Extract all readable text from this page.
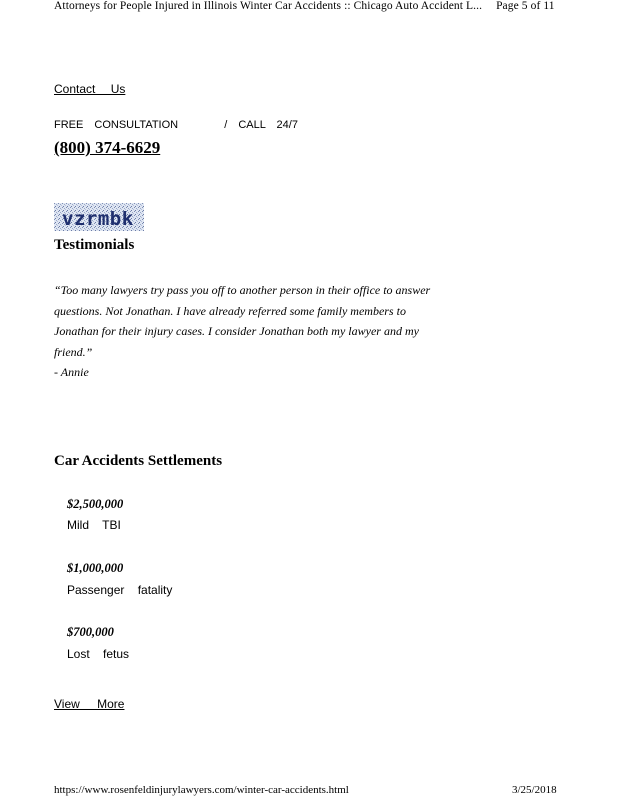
Attorneys for People Injured in Illinois Winter Car Accidents :: Chicago Auto Accident L... Page 5 of 11
Contact Us
FREE CONSULTATION	/ CALL 24/7
(800) 374-6629
vzrmbk
Testimonials

“Too many lawyers try pass you off to another person in their office to answer

questions. Not Jonathan. I have already referred some family members to

Jonathan for their injury cases. I consider Jonathan both my lawyer and my

friend.”

- Annie

Car Accidents Settlements
$2,500,000
Mild TBI
$1,000,000
Passenger fatality
$700,000
Lost fetus
View More
https://www.rosenfeldinjurylawyers.com/winter-car-accidents.html	3/25/2018
